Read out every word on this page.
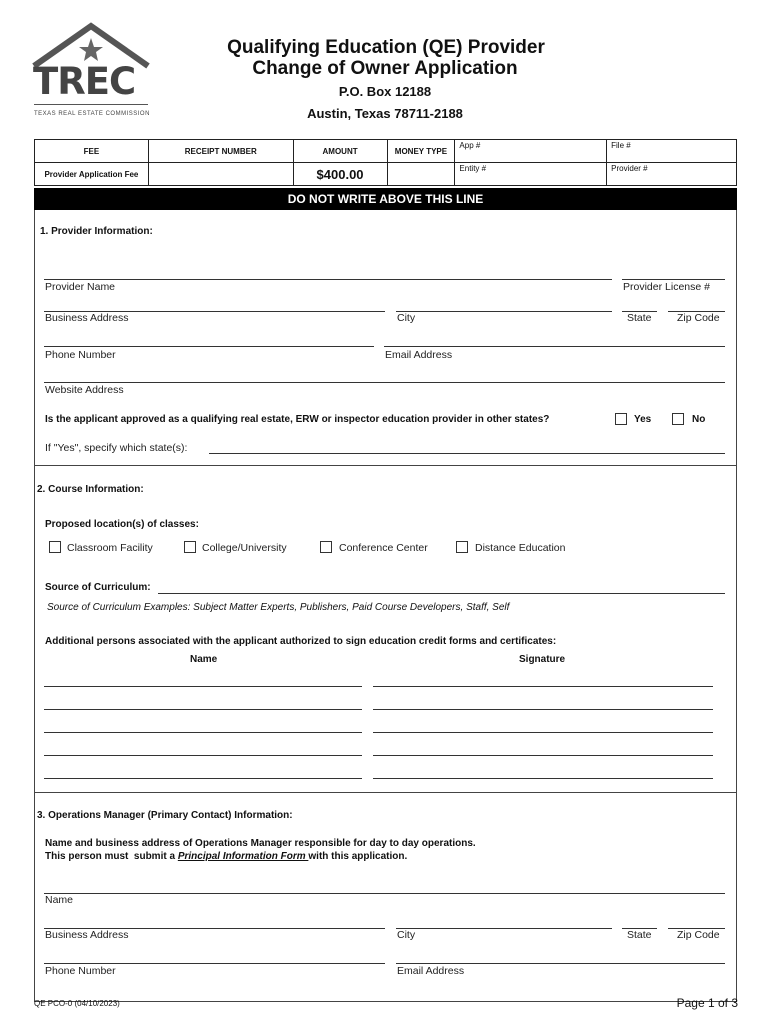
TREC
TEXAS REAL ESTATE COMMISSION
Qualifying Education (QE) Provider
Change of Owner Application
P.O. Box 12188
Austin, Texas 78711-2188
FEE	RECEIPT NUMBER	AMOUNT	MONEY TYPE	App #	File #
Provider Application Fee		$400.00		Entity #	Provider #
DO NOT WRITE ABOVE THIS LINE
1. Provider Information:
Provider Name	Provider License #
Business Address	City	State Zip Code
Phone Number	Email Address
Website Address
Is the applicant approved as a qualifying real estate, ERW or inspector education provider in other states?	Yes	No
If "Yes", specify which state(s):
2. Course Information:
Proposed location(s) of classes:
Classroom Facility	College/University	Conference Center	Distance Education
Source of Curriculum:
Source of Curriculum Examples: Subject Matter Experts, Publishers, Paid Course Developers, Staff, Self
Additional persons associated with the applicant authorized to sign education credit forms and certificates:
Name	Signature
3. Operations Manager (Primary Contact) Information:
Name and business address of Operations Manager responsible for day to day operations.
This person must  submit a Principal Information Form with this application.
Name
Business Address	City	State Zip Code
Phone Number	Email Address
QE PCO-0 (04/10/2023)	Page 1 of 3
